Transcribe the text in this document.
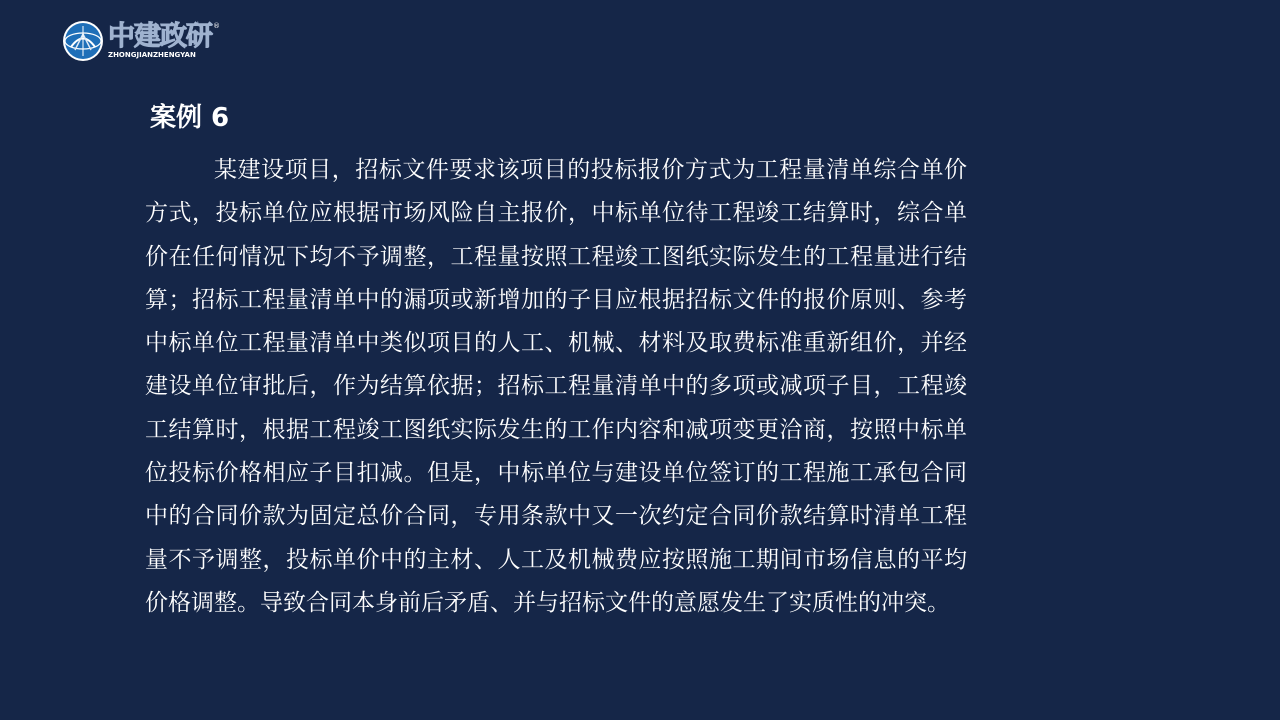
中建政研
ZHONGJIANZHENGYAN
®
案例 6
某建设项目，招标文件要求该项目的投标报价方式为工程量清单综合单价方式，投标单位应根据市场风险自主报价，中标单位待工程竣工结算时，综合单价在任何情况下均不予调整，工程量按照工程竣工图纸实际发生的工程量进行结算；招标工程量清单中的漏项或新增加的子目应根据招标文件的报价原则、参考中标单位工程量清单中类似项目的人工、机械、材料及取费标准重新组价，并经建设单位审批后，作为结算依据；招标工程量清单中的多项或减项子目，工程竣工结算时，根据工程竣工图纸实际发生的工作内容和减项变更洽商，按照中标单位投标价格相应子目扣减。但是，中标单位与建设单位签订的工程施工承包合同中的合同价款为固定总价合同，专用条款中又一次约定合同价款结算时清单工程量不予调整，投标单价中的主材、人工及机械费应按照施工期间市场信息的平均价格调整。导致合同本身前后矛盾、并与招标文件的意愿发生了实质性的冲突。
